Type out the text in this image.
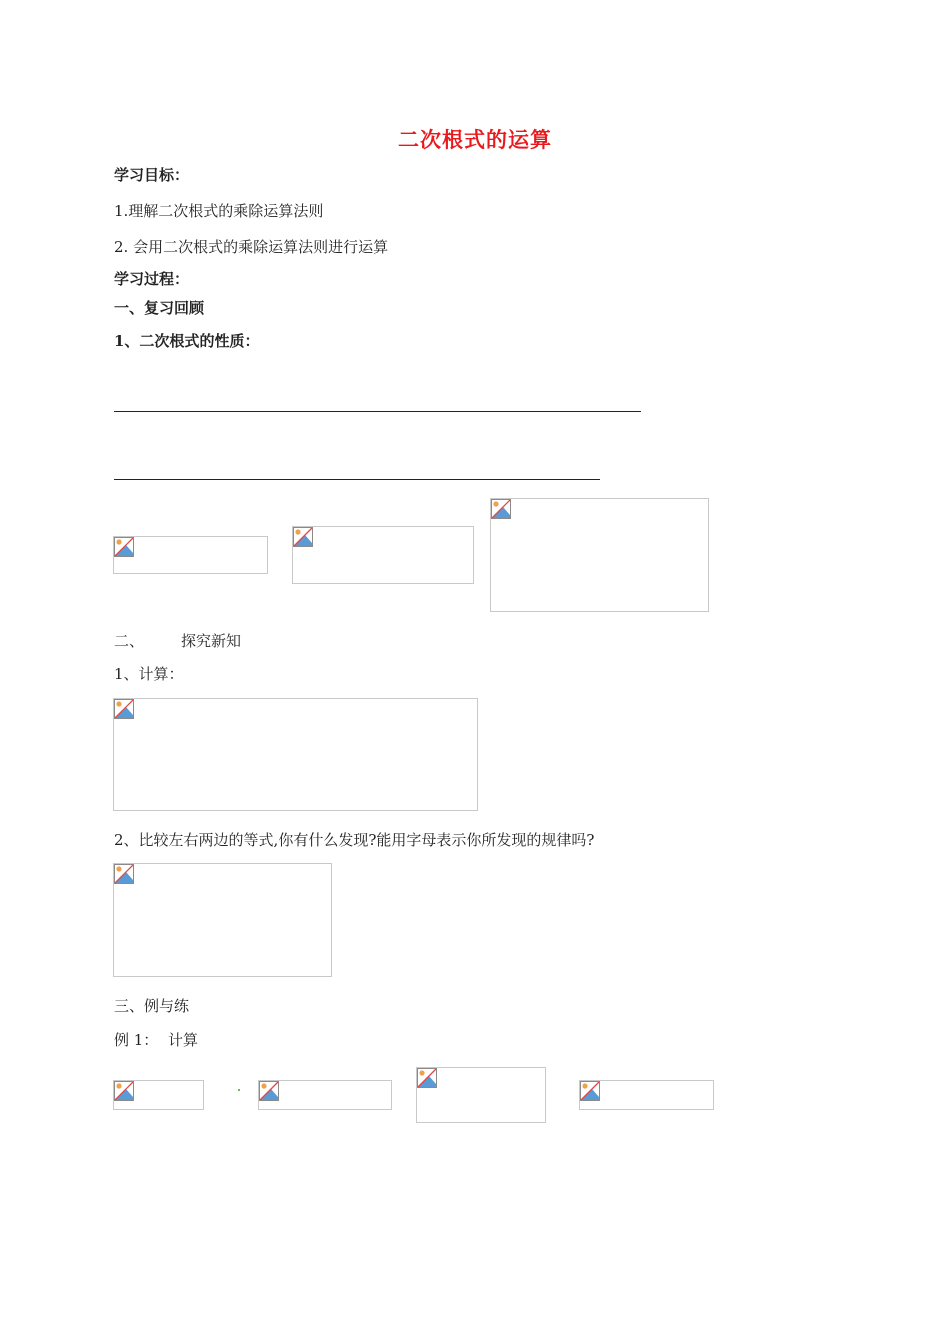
二次根式的运算
学习目标：
1.理解二次根式的乘除运算法则
2. 会用二次根式的乘除运算法则进行运算
学习过程：
一、复习回顾
1、二次根式的性质：
二、 探究新知
1、计算：
2、比较左右两边的等式,你有什么发现?能用字母表示你所发现的规律吗?
三、例与练
例 1： 计算
